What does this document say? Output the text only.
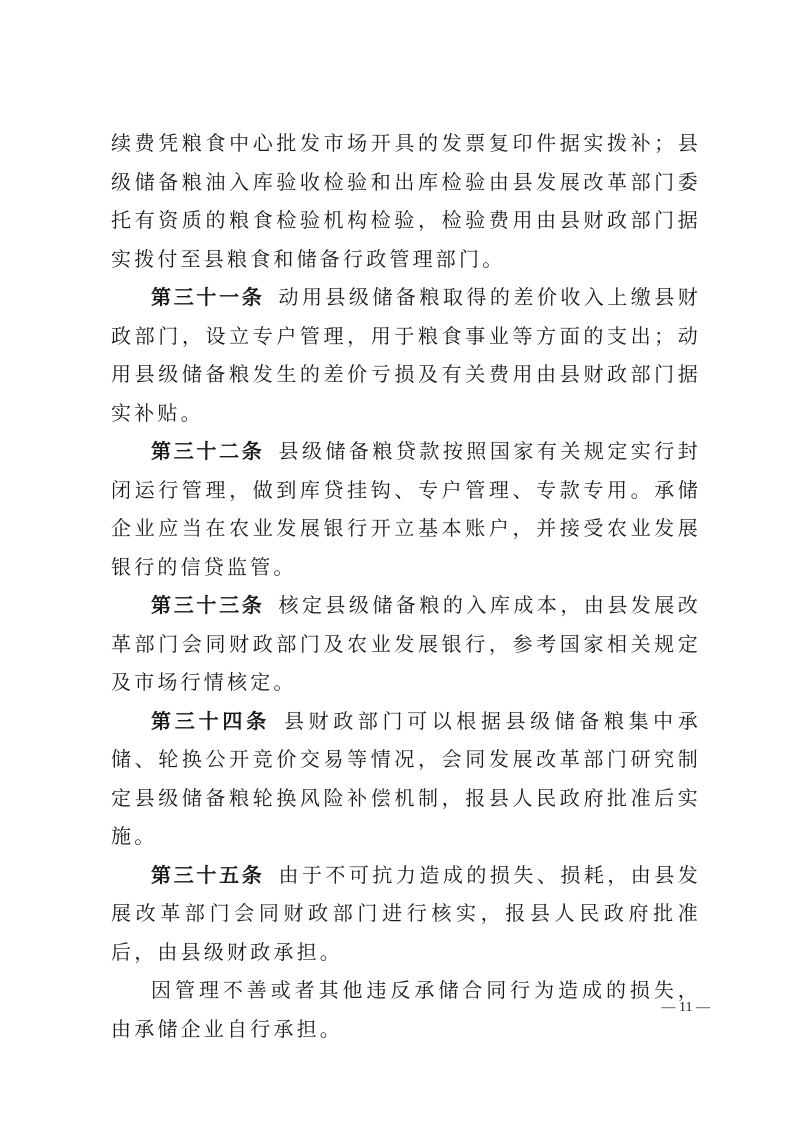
续费凭粮食中心批发市场开具的发票复印件据实拨补；县级储备粮油入库验收检验和出库检验由县发展改革部门委托有资质的粮食检验机构检验，检验费用由县财政部门据实拨付至县粮食和储备行政管理部门。

第三十一条 动用县级储备粮取得的差价收入上缴县财政部门，设立专户管理，用于粮食事业等方面的支出；动用县级储备粮发生的差价亏损及有关费用由县财政部门据实补贴。

第三十二条 县级储备粮贷款按照国家有关规定实行封闭运行管理，做到库贷挂钩、专户管理、专款专用。承储企业应当在农业发展银行开立基本账户，并接受农业发展银行的信贷监管。

第三十三条 核定县级储备粮的入库成本，由县发展改革部门会同财政部门及农业发展银行，参考国家相关规定及市场行情核定。

第三十四条 县财政部门可以根据县级储备粮集中承储、轮换公开竞价交易等情况，会同发展改革部门研究制定县级储备粮轮换风险补偿机制，报县人民政府批准后实施。

第三十五条 由于不可抗力造成的损失、损耗，由县发展改革部门会同财政部门进行核实，报县人民政府批准后，由县级财政承担。

因管理不善或者其他违反承储合同行为造成的损失，由承储企业自行承担。

— 11 —
